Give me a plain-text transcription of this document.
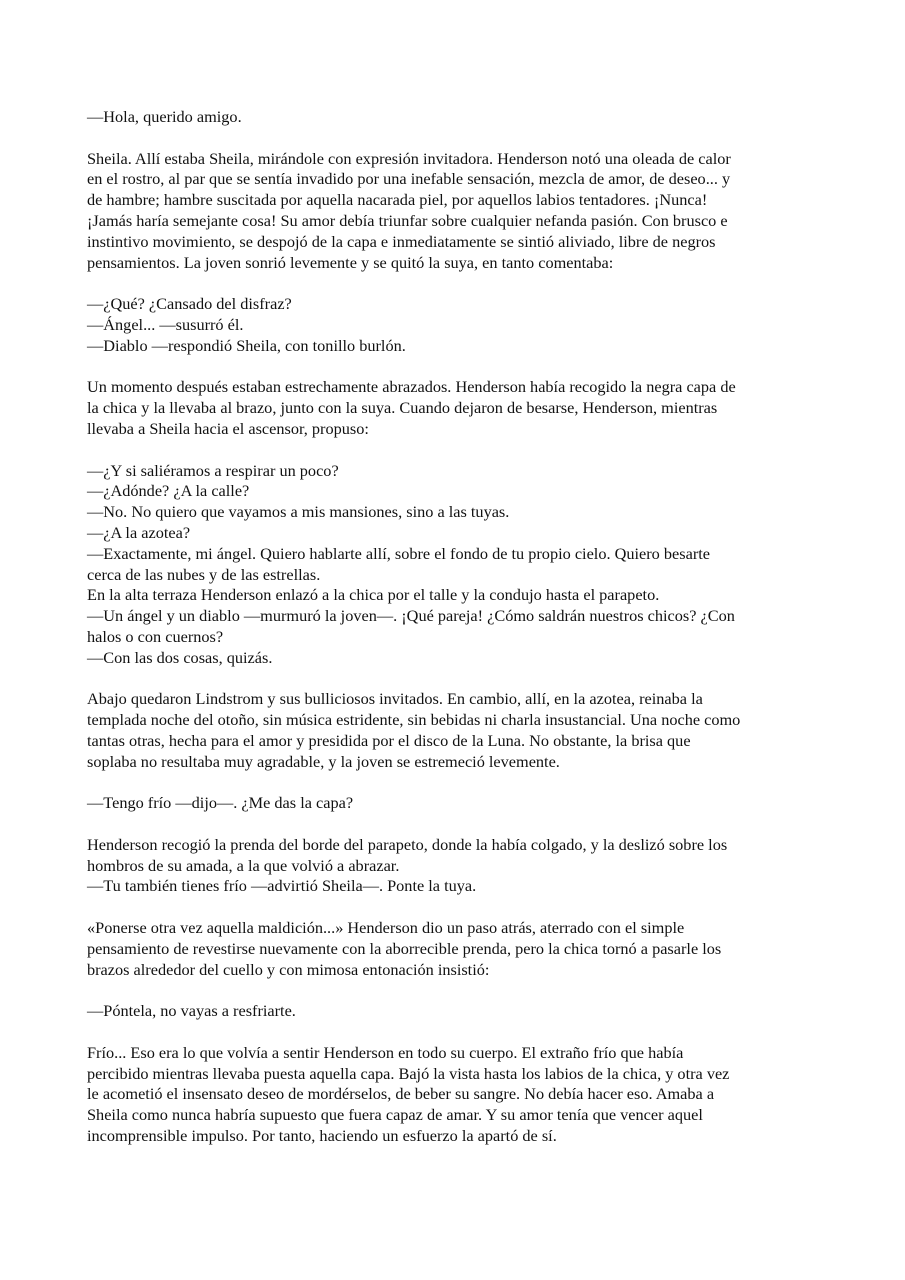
—Hola, querido amigo.

Sheila. Allí estaba Sheila, mirándole con expresión invitadora. Henderson notó una oleada de calor

en el rostro, al par que se sentía invadido por una inefable sensación, mezcla de amor, de deseo... y

de hambre; hambre suscitada por aquella nacarada piel, por aquellos labios tentadores. ¡Nunca!

¡Jamás haría semejante cosa! Su amor debía triunfar sobre cualquier nefanda pasión. Con brusco e

instintivo movimiento, se despojó de la capa e inmediatamente se sintió aliviado, libre de negros

pensamientos. La joven sonrió levemente y se quitó la suya, en tanto comentaba:

—¿Qué? ¿Cansado del disfraz?

—Ángel... —susurró él.

—Diablo —respondió Sheila, con tonillo burlón.

Un momento después estaban estrechamente abrazados. Henderson había recogido la negra capa de

la chica y la llevaba al brazo, junto con la suya. Cuando dejaron de besarse, Henderson, mientras

llevaba a Sheila hacia el ascensor, propuso:

—¿Y si saliéramos a respirar un poco?

—¿Adónde? ¿A la calle?

—No. No quiero que vayamos a mis mansiones, sino a las tuyas.

—¿A la azotea?

—Exactamente, mi ángel. Quiero hablarte allí, sobre el fondo de tu propio cielo. Quiero besarte

cerca de las nubes y de las estrellas.

En la alta terraza Henderson enlazó a la chica por el talle y la condujo hasta el parapeto.

—Un ángel y un diablo —murmuró la joven—. ¡Qué pareja! ¿Cómo saldrán nuestros chicos? ¿Con

halos o con cuernos?

—Con las dos cosas, quizás.

Abajo quedaron Lindstrom y sus bulliciosos invitados. En cambio, allí, en la azotea, reinaba la

templada noche del otoño, sin música estridente, sin bebidas ni charla insustancial. Una noche como

tantas otras, hecha para el amor y presidida por el disco de la Luna. No obstante, la brisa que

soplaba no resultaba muy agradable, y la joven se estremeció levemente.

—Tengo frío —dijo—. ¿Me das la capa?

Henderson recogió la prenda del borde del parapeto, donde la había colgado, y la deslizó sobre los

hombros de su amada, a la que volvió a abrazar.

—Tu también tienes frío —advirtió Sheila—. Ponte la tuya.

«Ponerse otra vez aquella maldición...» Henderson dio un paso atrás, aterrado con el simple

pensamiento de revestirse nuevamente con la aborrecible prenda, pero la chica tornó a pasarle los

brazos alrededor del cuello y con mimosa entonación insistió:

—Póntela, no vayas a resfriarte.

Frío... Eso era lo que volvía a sentir Henderson en todo su cuerpo. El extraño frío que había

percibido mientras llevaba puesta aquella capa. Bajó la vista hasta los labios de la chica, y otra vez

le acometió el insensato deseo de mordérselos, de beber su sangre. No debía hacer eso. Amaba a

Sheila como nunca habría supuesto que fuera capaz de amar. Y su amor tenía que vencer aquel

incomprensible impulso. Por tanto, haciendo un esfuerzo la apartó de sí.
